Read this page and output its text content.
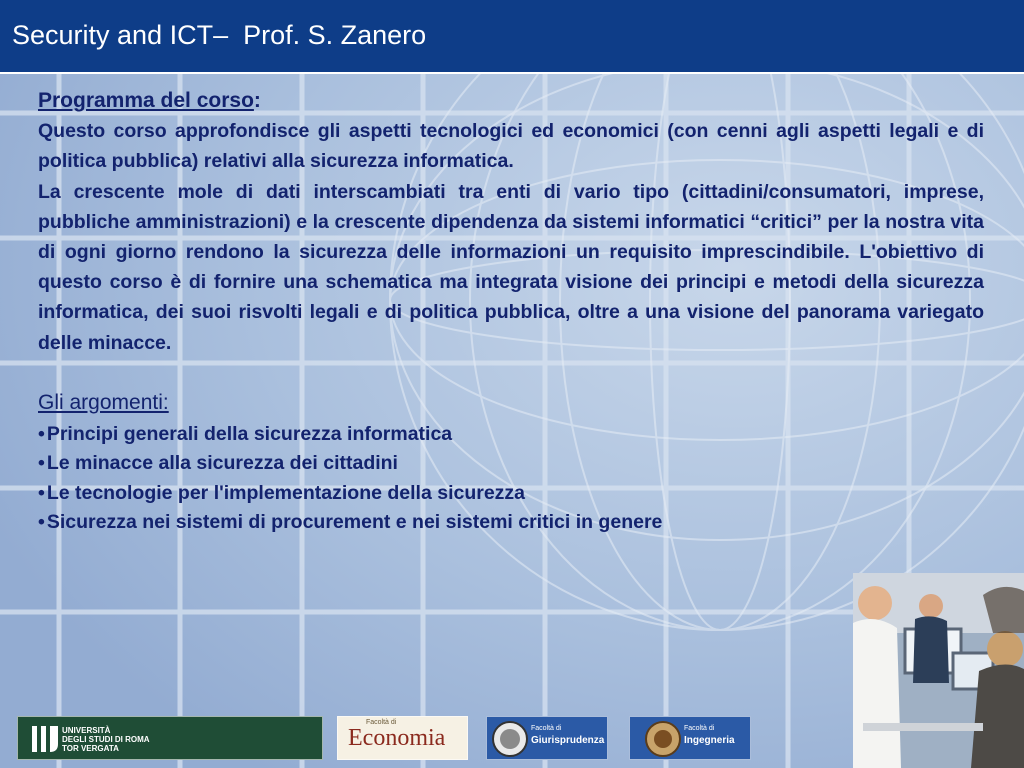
Security and ICT–  Prof. S. Zanero
Programma del corso:

Questo corso approfondisce gli aspetti tecnologici ed economici (con cenni agli aspetti legali e di politica pubblica) relativi alla sicurezza informatica.

La crescente mole di dati interscambiati tra enti di vario tipo (cittadini/consumatori, imprese, pubbliche amministrazioni) e la crescente dipendenza da sistemi informatici “critici” per la nostra vita di ogni giorno rendono la sicurezza delle informazioni un requisito imprescindibile. L'obiettivo di questo corso è di fornire una schematica ma integrata visione dei principi e metodi della sicurezza informatica, dei suoi risvolti legali e di politica pubblica, oltre a una visione del panorama variegato delle minacce.

Gli argomenti:
• Principi generali della sicurezza informatica
• Le minacce alla sicurezza dei cittadini
• Le tecnologie per l'implementazione della sicurezza
• Sicurezza nei sistemi di procurement e nei sistemi critici in genere
UNIVERSITÀ
DEGLI STUDI DI ROMA
TOR VERGATA
Facoltà di
Economia	Facoltà di
Giurisprudenza
Facoltà di
Ingegneria
